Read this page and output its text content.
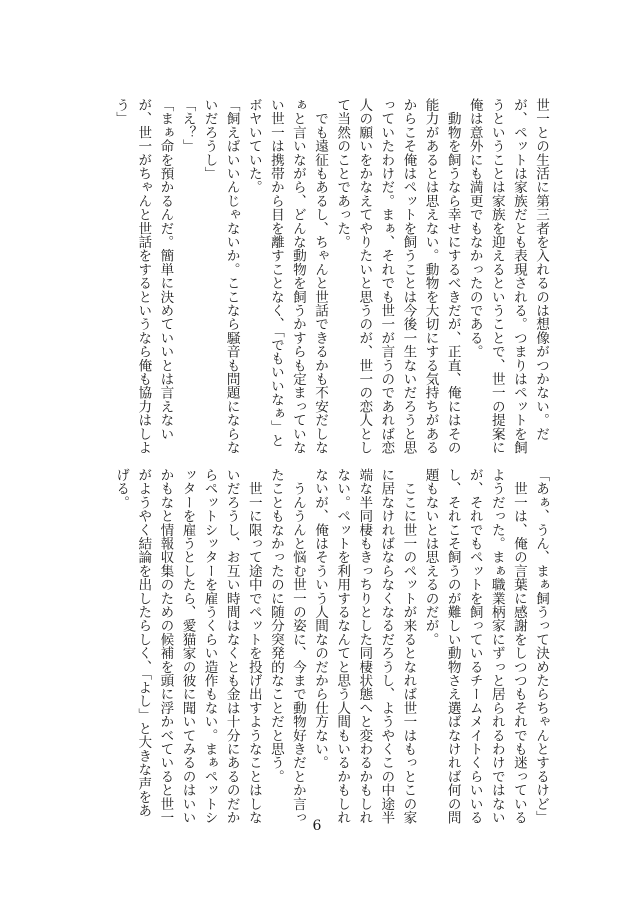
世一との生活に第三者を入れるのは想像がつかない。だ

が、ペットは家族だとも表現される。つまりはペットを飼

うということは家族を迎えるということで、世一の提案に

俺は意外にも満更でもなかったのである。

　動物を飼うなら幸せにするべきだが、正直、俺にはその

能力があるとは思えない。動物を大切にする気持ちがある

からこそ俺はペットを飼うことは今後一生ないだろうと思

っていたわけだ。まぁ、それでも世一が言うのであれば恋

人の願いをかなえてやりたいと思うのが、世一の恋人とし

て当然のことであった。

　でも遠征もあるし、ちゃんと世話できるかも不安だしな

ぁと言いながら、どんな動物を飼うかすらも定まっていな

い世一は携帯から目を離すことなく、「でもいいなぁ」と

ボヤいていた。

「飼えばいいんじゃないか。ここなら騒音も問題にならな

いだろうし」

「え？」

「まぁ命を預かるんだ。簡単に決めていいとは言えない

が、世一がちゃんと世話をするというなら俺も協力はしよ

う」

「あぁ、うん、まぁ飼うって決めたらちゃんとするけど」

　世一は、俺の言葉に感謝をしつつもそれでも迷っている

ようだった。まぁ職業柄家にずっと居られるわけではない

が、それでもペットを飼っているチームメイトくらいいる

し、それこそ飼うのが難しい動物さえ選ばなければ何の問

題もないとは思えるのだが。

　ここに世一のペットが来るとなれば世一はもっとこの家

に居なければならなくなるだろうし、ようやくこの中途半

端な半同棲もきっちりとした同棲状態へと変わるかもしれ

ない。ペットを利用するなんてと思う人間もいるかもしれ

ないが、俺はそういう人間なのだから仕方ない。

　うんうんと悩む世一の姿に、今まで動物好きだとか言っ

たこともなかったのに随分突発的なことだと思う。

　世一に限って途中でペットを投げ出すようなことはしな

いだろうし、お互い時間はなくとも金は十分にあるのだか

らペットシッターを雇うくらい造作もない。まぁペットシ

ッターを雇うとしたら、愛猫家の彼に聞いてみるのはいい

かもなと情報収集のための候補を頭に浮かべていると世一

がようやく結論を出したらしく、「よし」と大きな声をあ

げる。

6
